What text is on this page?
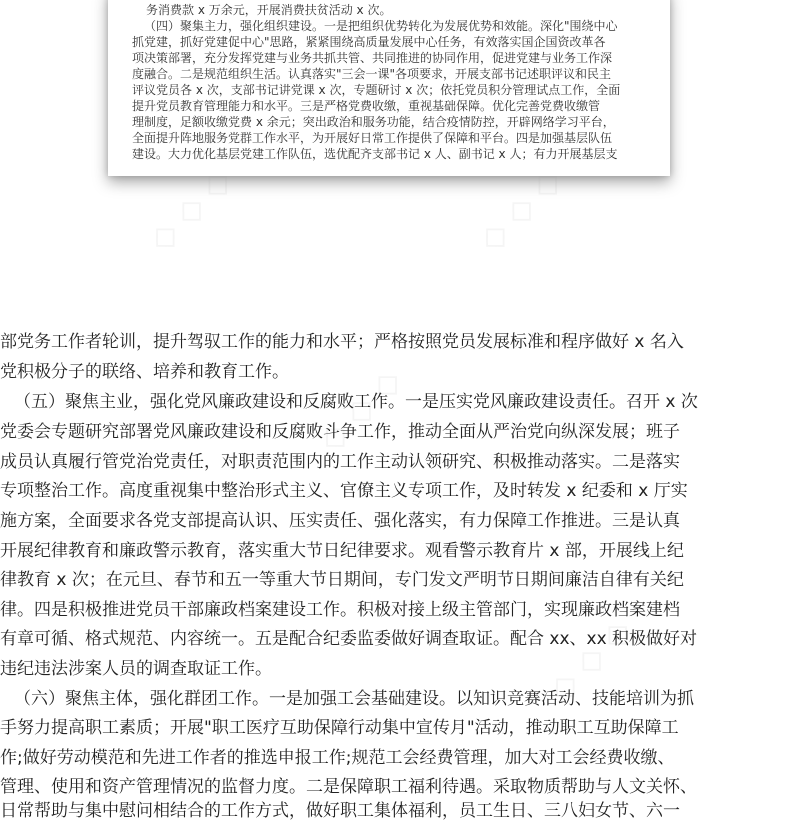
务消费款 x 万余元，开展消费扶贫活动 x 次。
（四）聚集主力，强化组织建设。一是把组织优势转化为发展优势和效能。深化"围绕中心
抓党建，抓好党建促中心"思路，紧紧围绕高质量发展中心任务，有效落实国企国资改革各
项决策部署，充分发挥党建与业务共抓共管、共同推进的协同作用，促进党建与业务工作深
度融合。二是规范组织生活。认真落实"三会一课"各项要求，开展支部书记述职评议和民主
评议党员各 x 次，支部书记讲党课 x 次，专题研讨 x 次；依托党员积分管理试点工作，全面
提升党员教育管理能力和水平。三是严格党费收缴，重视基础保障。优化完善党费收缴管
理制度，足额收缴党费 x 余元；突出政治和服务功能，结合疫情防控，开辟网络学习平台，
全面提升阵地服务党群工作水平，为开展好日常工作提供了保障和平台。四是加强基层队伍
建设。大力优化基层党建工作队伍，选优配齐支部书记 x 人、副书记 x 人；有力开展基层支
◇ ◇ ◇	◇ ◇ ◇
◇ ◇ ◇
◇ ◇ ◇
部党务工作者轮训，提升驾驭工作的能力和水平；严格按照党员发展标准和程序做好 x 名入
党积极分子的联络、培养和教育工作。
（五）聚焦主业，强化党风廉政建设和反腐败工作。一是压实党风廉政建设责任。召开 x 次
党委会专题研究部署党风廉政建设和反腐败斗争工作，推动全面从严治党向纵深发展；班子
成员认真履行管党治党责任，对职责范围内的工作主动认领研究、积极推动落实。二是落实
专项整治工作。高度重视集中整治形式主义、官僚主义专项工作，及时转发 x 纪委和 x 厅实
施方案，全面要求各党支部提高认识、压实责任、强化落实，有力保障工作推进。三是认真
开展纪律教育和廉政警示教育，落实重大节日纪律要求。观看警示教育片 x 部，开展线上纪
律教育 x 次；在元旦、春节和五一等重大节日期间，专门发文严明节日期间廉洁自律有关纪
律。四是积极推进党员干部廉政档案建设工作。积极对接上级主管部门，实现廉政档案建档
有章可循、格式规范、内容统一。五是配合纪委监委做好调查取证。配合 xx、xx 积极做好对
违纪违法涉案人员的调查取证工作。
（六）聚焦主体，强化群团工作。一是加强工会基础建设。以知识竞赛活动、技能培训为抓
手努力提高职工素质；开展"职工医疗互助保障行动集中宣传月"活动，推动职工互助保障工
作;做好劳动模范和先进工作者的推选申报工作;规范工会经费管理，加大对工会经费收缴、
管理、使用和资产管理情况的监督力度。二是保障职工福利待遇。采取物质帮助与人文关怀、
日常帮助与集中慰问相结合的工作方式，做好职工集体福利，员工生日、三八妇女节、六一
